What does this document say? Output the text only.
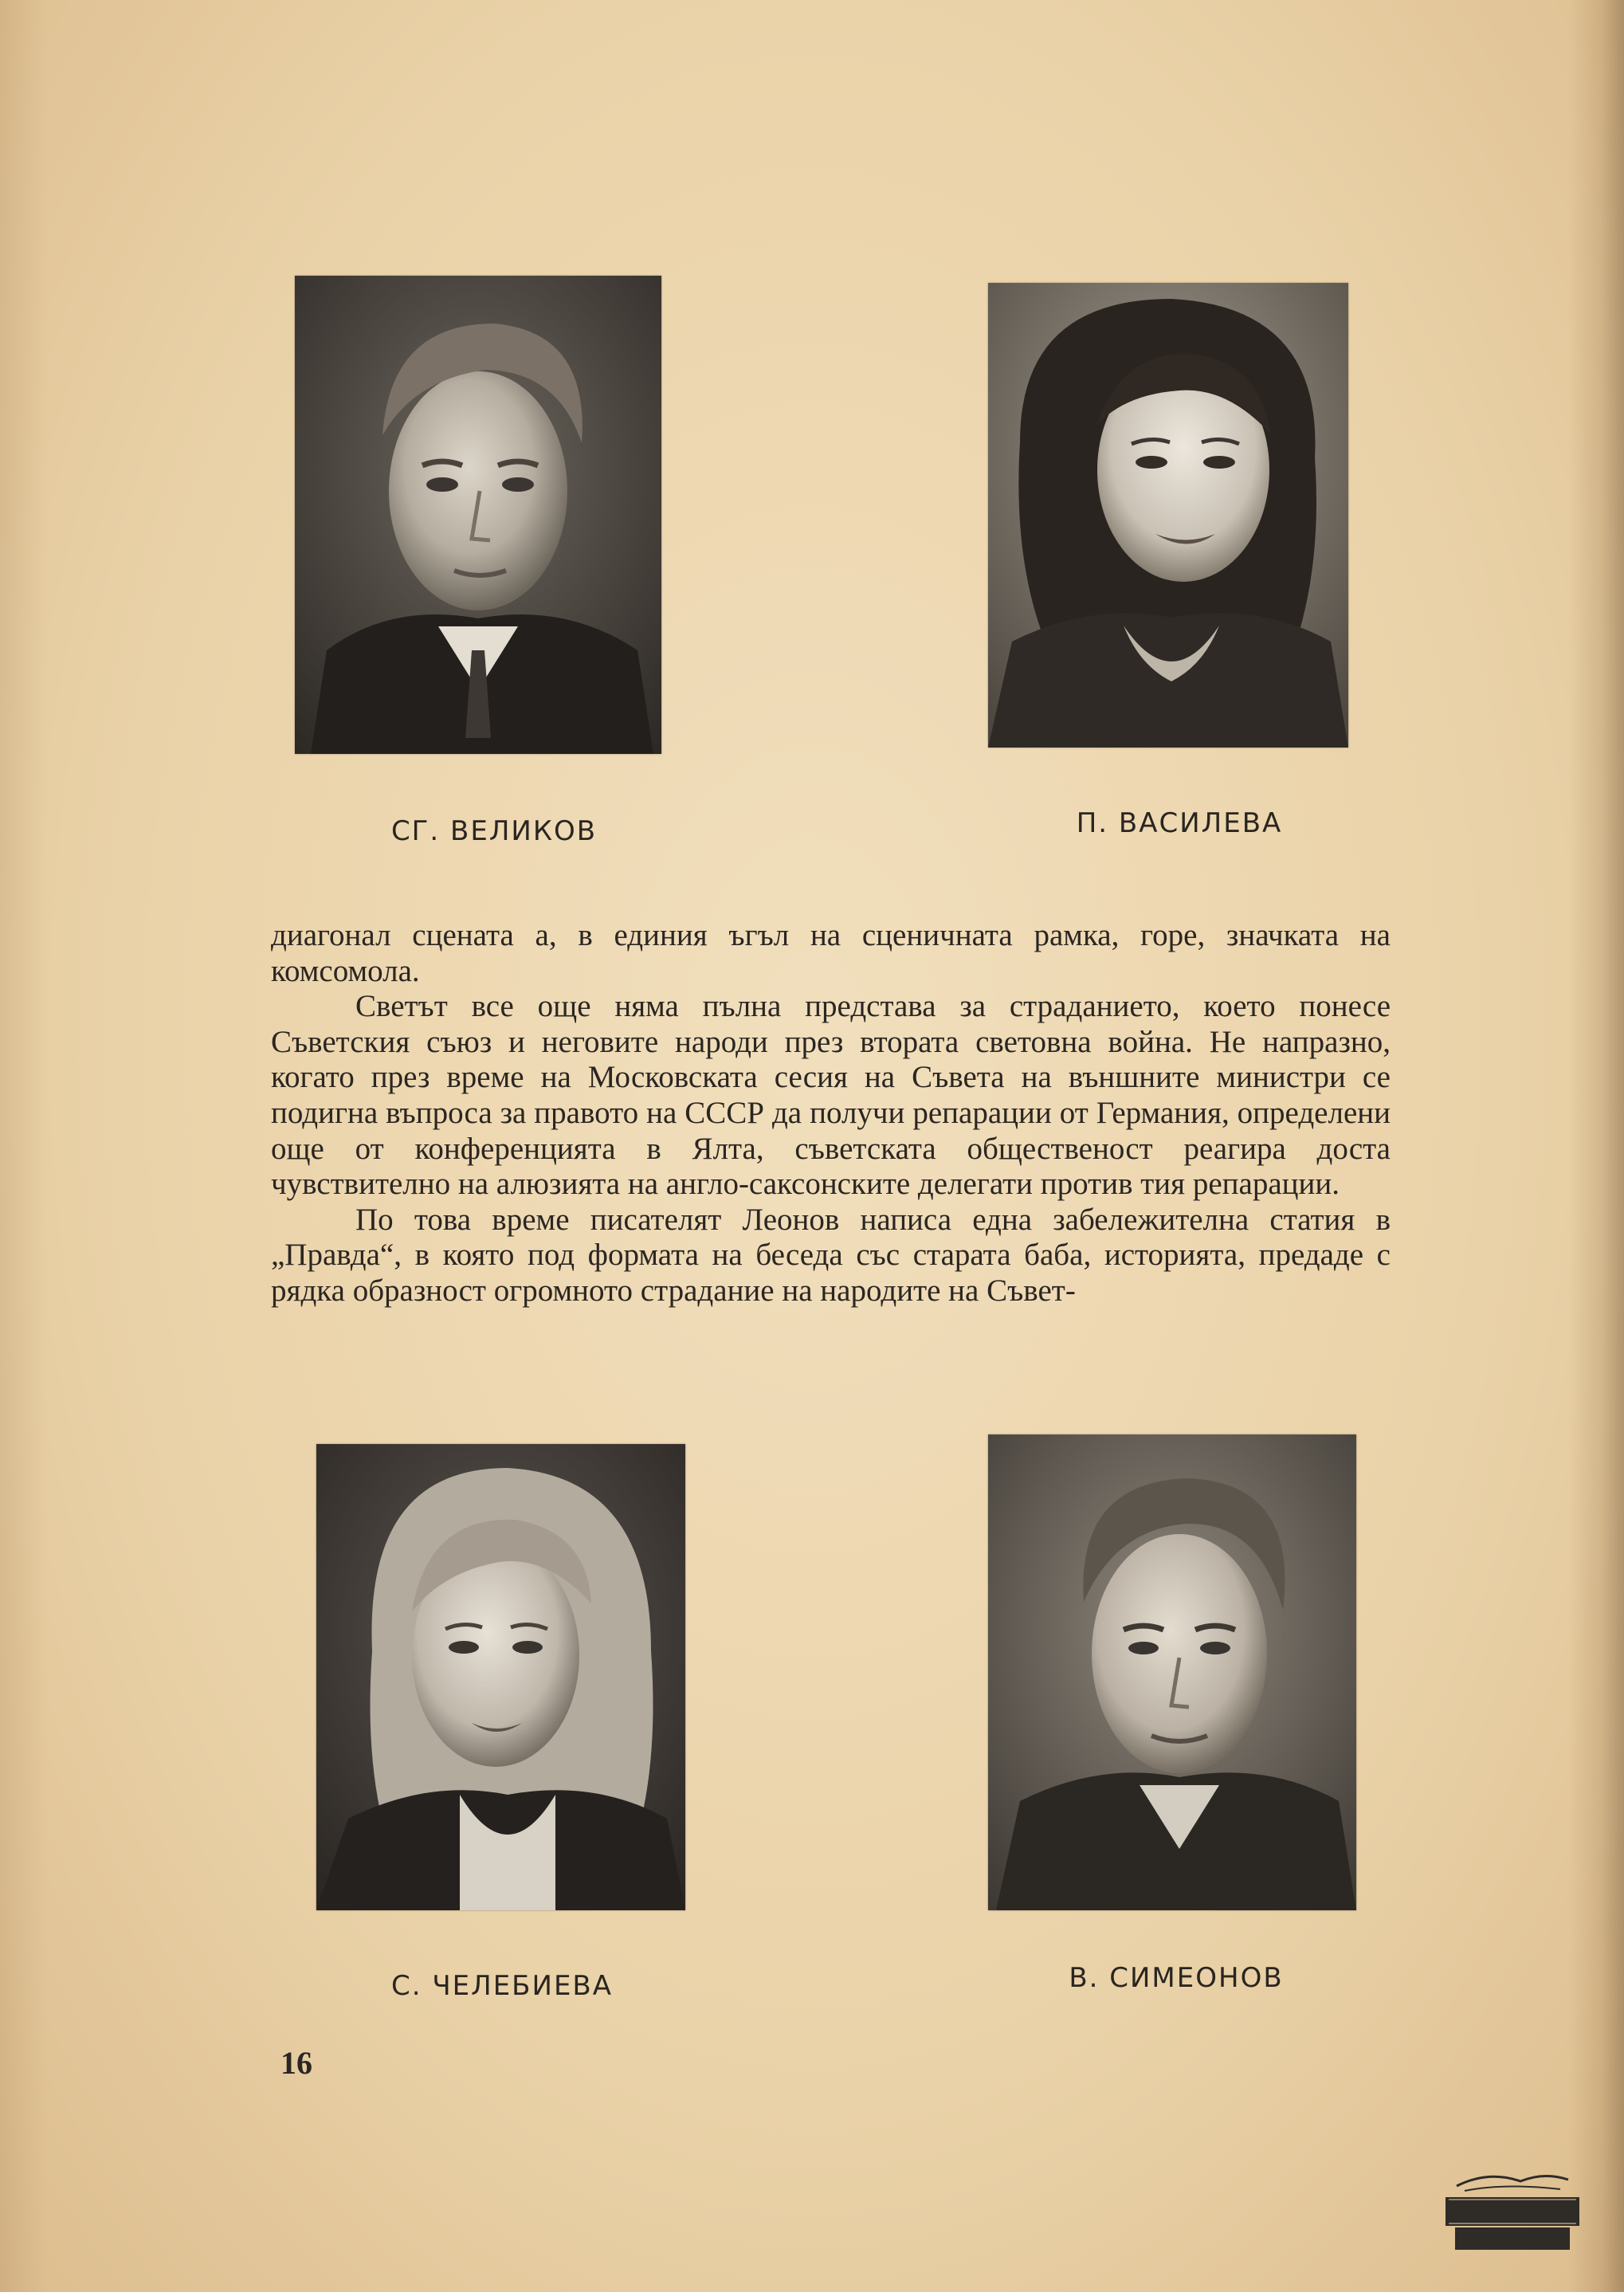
СГ. ВЕЛИКОВ	П. ВАСИЛЕВА

диагонал сцената а, в единия ъгъл на сценичната рамка, горе, значката на комсомола.

Светът все още няма пълна представа за страданието, което понесе Съветския съюз и неговите народи през втората световна война. Не напразно, когато през време на Московската сесия на Съвета на външните министри се подигна въпроса за правото на СССР да получи репарации от Германия, определени още от конференцията в Ялта, съветската общественост реагира доста чувствително на алюзията на англо-саксонските делегати против тия репарации.

По това време писателят Леонов написа една забележителна статия в „Правда“, в която под формата на беседа със старата баба, историята, предаде с рядка образност огромното страдание на народите на Съвет-

С. ЧЕЛЕБИЕВА	В. СИМЕОНОВ
16
